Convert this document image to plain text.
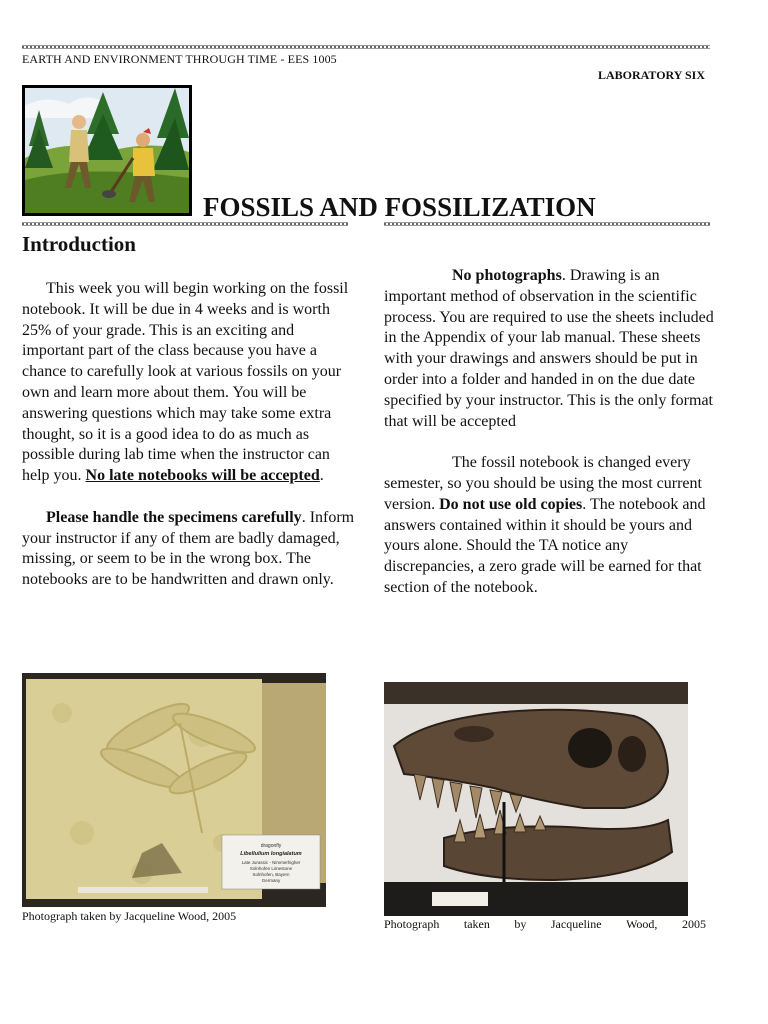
EARTH AND ENVIRONMENT THROUGH TIME - EES 1005
LABORATORY SIX
FOSSILS AND FOSSILIZATION
Introduction

This week you will begin working on the fossil notebook. It will be due in 4 weeks and is worth 25% of your grade. This is an exciting and important part of the class because you have a chance to carefully look at various fossils on your own and learn more about them. You will be answering questions which may take some extra thought, so it is a good idea to do as much as possible during lab time when the instructor can help you. No late notebooks will be accepted.

Please handle the specimens carefully. Inform your instructor if any of them are badly damaged, missing, or seem to be in the wrong box. The notebooks are to be handwritten and drawn only.

No photographs. Drawing is an important method of observation in the scientific process. You are required to use the sheets included in the Appendix of your lab manual. These sheets with your drawings and answers should be put in order into a folder and handed in on the due date specified by your instructor. This is the only format that will be accepted

The fossil notebook is changed every semester, so you should be using the most current version. Do not use old copies. The notebook and answers contained within it should be yours and yours alone. Should the TA notice any discrepancies, a zero grade will be earned for that section of the notebook.

dragonfly
Libellulium longialatum
Late Jurassic - Nimmerhigher
Solnhofen Limestone
Solnhofen, Bayern
Germany
Photograph taken by Jacqueline Wood, 2005
Photograph taken by Jacqueline Wood, 2005
